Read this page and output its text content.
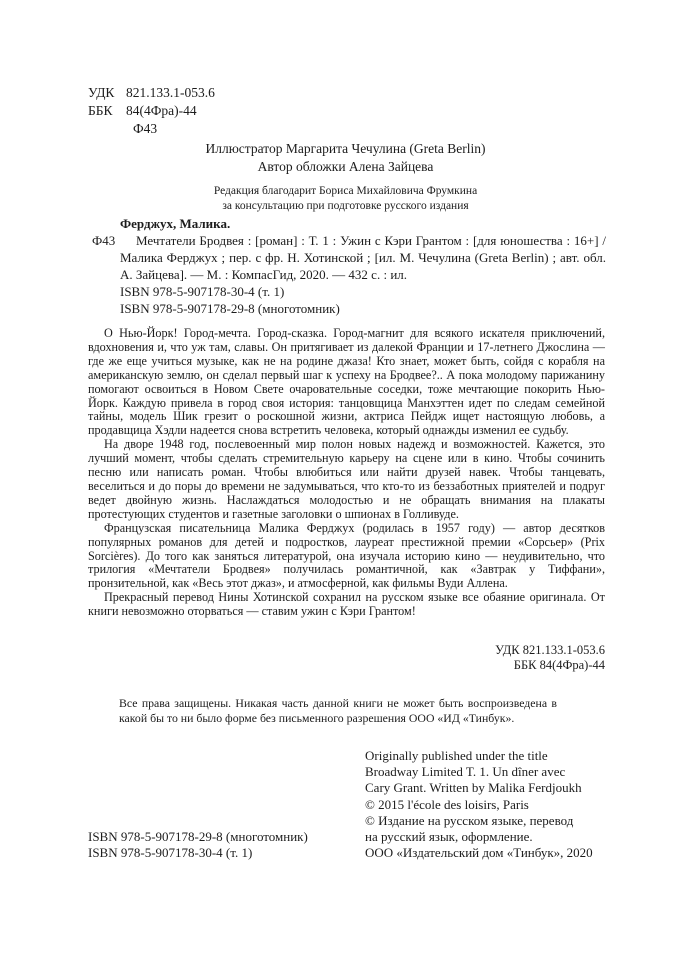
УДК 821.133.1-053.6
ББК 84(4Фра)-44
Ф43
Иллюстратор Маргарита Чечулина (Greta Berlin)
Автор обложки Алена Зайцева
Редакция благодарит Бориса Михайловича Фрумкина
за консультацию при подготовке русского издания
Ферджух, Малика.

Ф43 Мечтатели Бродвея : [роман] : Т. 1 : Ужин с Кэри Грантом : [для юношества : 16+] / Малика Ферджух ; пер. с фр. Н. Хотинской ; [ил. М. Чечулина (Greta Berlin) ; авт. обл. А. Зайцева]. — М. : КомпасГид, 2020. — 432 с. : ил.

ISBN 978-5-907178-30-4 (т. 1)
ISBN 978-5-907178-29-8 (многотомник)

О Нью-Йорк! Город-мечта. Город-сказка. Город-магнит для всякого искателя приключений, вдохновения и, что уж там, славы. Он притягивает из далекой Франции и 17-летнего Джослина — где же еще учиться музыке, как не на родине джаза! Кто знает, может быть, сойдя с корабля на американскую землю, он сделал первый шаг к успеху на Бродвее?.. А пока молодому парижанину помогают освоиться в Новом Свете очаровательные соседки, тоже мечтающие покорить Нью-Йорк. Каждую привела в город своя история: танцовщица Манхэттен идет по следам семейной тайны, модель Шик грезит о роскошной жизни, актриса Пейдж ищет настоящую любовь, а продавщица Хэдли надеется снова встретить человека, который однажды изменил ее судьбу.

На дворе 1948 год, послевоенный мир полон новых надежд и возможностей. Кажется, это лучший момент, чтобы сделать стремительную карьеру на сцене или в кино. Чтобы сочинить песню или написать роман. Чтобы влюбиться или найти друзей навек. Чтобы танцевать, веселиться и до поры до времени не задумываться, что кто-то из беззаботных приятелей и подруг ведет двойную жизнь. Наслаждаться молодостью и не обращать внимания на плакаты протестующих студентов и газетные заголовки о шпионах в Голливуде.

Французская писательница Малика Ферджух (родилась в 1957 году) — автор десятков популярных романов для детей и подростков, лауреат престижной премии «Сорсьер» (Prix Sorcières). До того как заняться литературой, она изучала историю кино — неудивительно, что трилогия «Мечтатели Бродвея» получилась романтичной, как «Завтрак у Тиффани», пронзительной, как «Весь этот джаз», и атмосферной, как фильмы Вуди Аллена.

Прекрасный перевод Нины Хотинской сохранил на русском языке все обаяние оригинала. От книги невозможно оторваться — ставим ужин с Кэри Грантом!

УДК 821.133.1-053.6
ББК 84(4Фра)-44

Все права защищены. Никакая часть данной книги не может быть воспроизведена в какой бы то ни было форме без письменного разрешения ООО «ИД «Тинбук».

Originally published under the title
Broadway Limited T. 1. Un dîner avec
Cary Grant. Written by Malika Ferdjoukh
© 2015 l'école des loisirs, Paris
© Издание на русском языке, перевод
на русский язык, оформление.
ООО «Издательский дом «Тинбук», 2020
ISBN 978-5-907178-29-8 (многотомник)
ISBN 978-5-907178-30-4 (т. 1)
